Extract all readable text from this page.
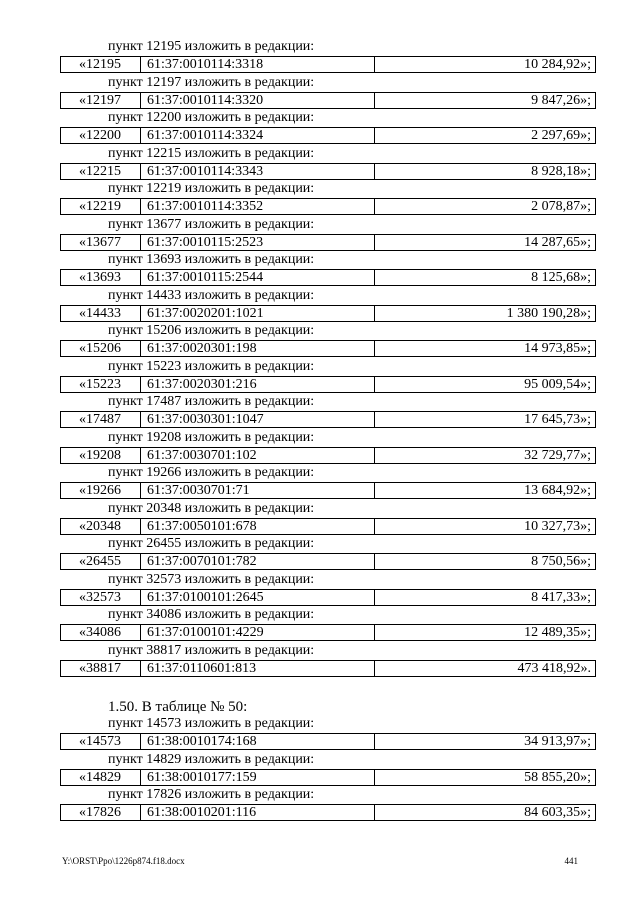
пункт 12195 изложить в редакции:
«12195	61:37:0010114:3318	10 284,92»;
пункт 12197 изложить в редакции:
«12197	61:37:0010114:3320	9 847,26»;
пункт 12200 изложить в редакции:
«12200	61:37:0010114:3324	2 297,69»;
пункт 12215 изложить в редакции:
«12215	61:37:0010114:3343	8 928,18»;
пункт 12219 изложить в редакции:
«12219	61:37:0010114:3352	2 078,87»;
пункт 13677 изложить в редакции:
«13677	61:37:0010115:2523	14 287,65»;
пункт 13693 изложить в редакции:
«13693	61:37:0010115:2544	8 125,68»;
пункт 14433 изложить в редакции:
«14433	61:37:0020201:1021	1 380 190,28»;
пункт 15206 изложить в редакции:
«15206	61:37:0020301:198	14 973,85»;
пункт 15223 изложить в редакции:
«15223	61:37:0020301:216	95 009,54»;
пункт 17487 изложить в редакции:
«17487	61:37:0030301:1047	17 645,73»;
пункт 19208 изложить в редакции:
«19208	61:37:0030701:102	32 729,77»;
пункт 19266 изложить в редакции:
«19266	61:37:0030701:71	13 684,92»;
пункт 20348 изложить в редакции:
«20348	61:37:0050101:678	10 327,73»;
пункт 26455 изложить в редакции:
«26455	61:37:0070101:782	8 750,56»;
пункт 32573 изложить в редакции:
«32573	61:37:0100101:2645	8 417,33»;
пункт 34086 изложить в редакции:
«34086	61:37:0100101:4229	12 489,35»;
пункт 38817 изложить в редакции:
«38817	61:37:0110601:813	473 418,92».
1.50. В таблице № 50:
пункт 14573 изложить в редакции:
«14573	61:38:0010174:168	34 913,97»;
пункт 14829 изложить в редакции:
«14829	61:38:0010177:159	58 855,20»;
пункт 17826 изложить в редакции:
«17826	61:38:0010201:116	84 603,35»;
Y:\ORST\Ppo\1226p874.f18.docx	441
